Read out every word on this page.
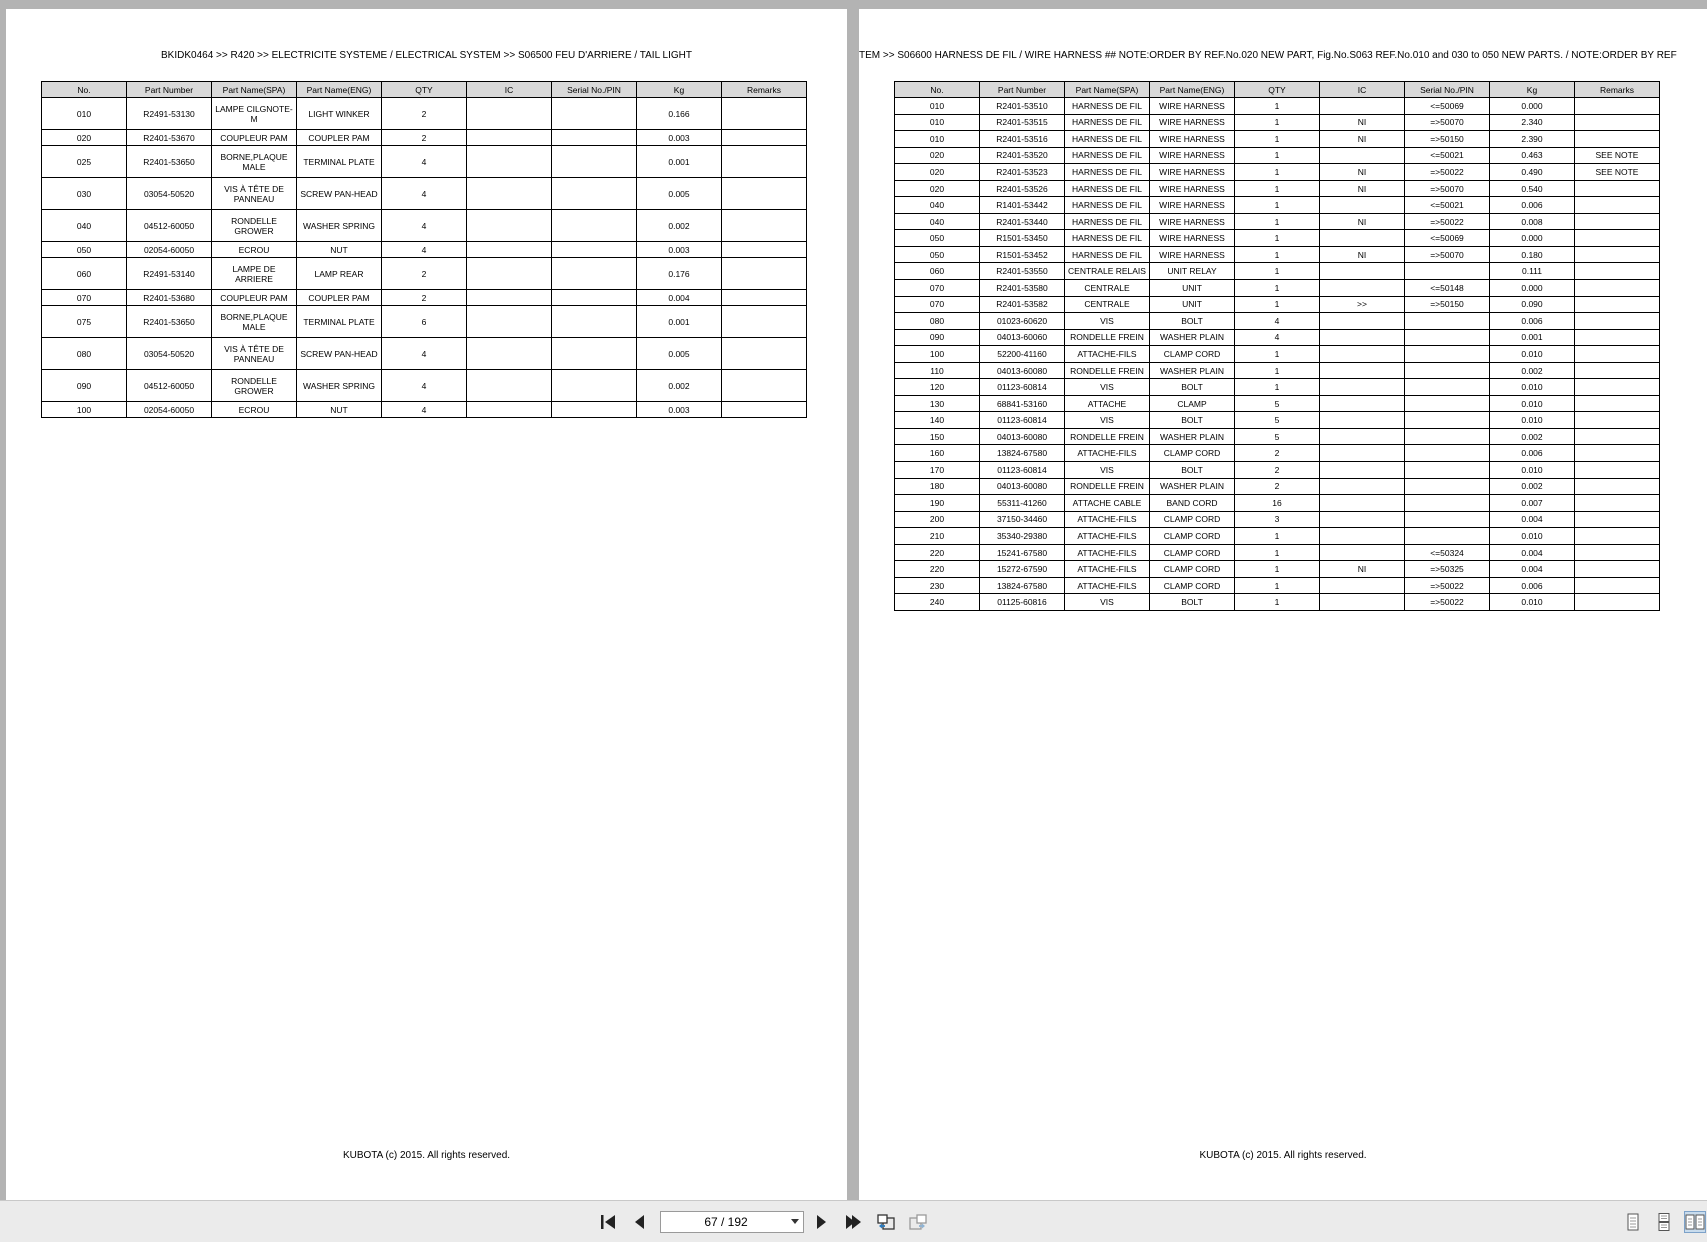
BKIDK0464 >> R420 >> ELECTRICITE SYSTEME / ELECTRICAL SYSTEM >> S06500 FEU D'ARRIERE / TAIL LIGHT
No.	Part Number	Part Name(SPA)	Part Name(ENG)	QTY	IC	Serial No./PIN	Kg	Remarks
010	R2491-53130	LAMPE CILGNOTE-M	LIGHT WINKER	2			0.166	
020	R2401-53670	COUPLEUR PAM	COUPLER PAM	2			0.003	
025	R2401-53650	BORNE,PLAQUE MALE	TERMINAL PLATE	4			0.001	
030	03054-50520	VIS À TÊTE DE PANNEAU	SCREW PAN-HEAD	4			0.005	
040	04512-60050	RONDELLE GROWER	WASHER SPRING	4			0.002	
050	02054-60050	ECROU	NUT	4			0.003	
060	R2491-53140	LAMPE DE ARRIERE	LAMP REAR	2			0.176	
070	R2401-53680	COUPLEUR PAM	COUPLER PAM	2			0.004	
075	R2401-53650	BORNE,PLAQUE MALE	TERMINAL PLATE	6			0.001	
080	03054-50520	VIS À TÊTE DE PANNEAU	SCREW PAN-HEAD	4			0.005	
090	04512-60050	RONDELLE GROWER	WASHER SPRING	4			0.002	
100	02054-60050	ECROU	NUT	4			0.003	
KUBOTA (c) 2015. All rights reserved.
TEM >> S06600 HARNESS DE FIL / WIRE HARNESS ## NOTE:ORDER BY REF.No.020 NEW PART, Fig.No.S063 REF.No.010 and 030 to 050 NEW PARTS. / NOTE:ORDER BY REF
No.	Part Number	Part Name(SPA)	Part Name(ENG)	QTY	IC	Serial No./PIN	Kg	Remarks
010	R2401-53510	HARNESS DE FIL	WIRE HARNESS	1		<=50069	0.000	
010	R2401-53515	HARNESS DE FIL	WIRE HARNESS	1	NI	=>50070	2.340	
010	R2401-53516	HARNESS DE FIL	WIRE HARNESS	1	NI	=>50150	2.390	
020	R2401-53520	HARNESS DE FIL	WIRE HARNESS	1		<=50021	0.463	SEE NOTE
020	R2401-53523	HARNESS DE FIL	WIRE HARNESS	1	NI	=>50022	0.490	SEE NOTE
020	R2401-53526	HARNESS DE FIL	WIRE HARNESS	1	NI	=>50070	0.540	
040	R1401-53442	HARNESS DE FIL	WIRE HARNESS	1		<=50021	0.006	
040	R2401-53440	HARNESS DE FIL	WIRE HARNESS	1	NI	=>50022	0.008	
050	R1501-53450	HARNESS DE FIL	WIRE HARNESS	1		<=50069	0.000	
050	R1501-53452	HARNESS DE FIL	WIRE HARNESS	1	NI	=>50070	0.180	
060	R2401-53550	CENTRALE RELAIS	UNIT RELAY	1			0.111	
070	R2401-53580	CENTRALE	UNIT	1		<=50148	0.000	
070	R2401-53582	CENTRALE	UNIT	1	>>	=>50150	0.090	
080	01023-60620	VIS	BOLT	4			0.006	
090	04013-60060	RONDELLE FREIN	WASHER PLAIN	4			0.001	
100	52200-41160	ATTACHE-FILS	CLAMP CORD	1			0.010	
110	04013-60080	RONDELLE FREIN	WASHER PLAIN	1			0.002	
120	01123-60814	VIS	BOLT	1			0.010	
130	68841-53160	ATTACHE	CLAMP	5			0.010	
140	01123-60814	VIS	BOLT	5			0.010	
150	04013-60080	RONDELLE FREIN	WASHER PLAIN	5			0.002	
160	13824-67580	ATTACHE-FILS	CLAMP CORD	2			0.006	
170	01123-60814	VIS	BOLT	2			0.010	
180	04013-60080	RONDELLE FREIN	WASHER PLAIN	2			0.002	
190	55311-41260	ATTACHE CABLE	BAND CORD	16			0.007	
200	37150-34460	ATTACHE-FILS	CLAMP CORD	3			0.004	
210	35340-29380	ATTACHE-FILS	CLAMP CORD	1			0.010	
220	15241-67580	ATTACHE-FILS	CLAMP CORD	1		<=50324	0.004	
220	15272-67590	ATTACHE-FILS	CLAMP CORD	1	NI	=>50325	0.004	
230	13824-67580	ATTACHE-FILS	CLAMP CORD	1		=>50022	0.006	
240	01125-60816	VIS	BOLT	1		=>50022	0.010	
KUBOTA (c) 2015. All rights reserved.
67 / 192
